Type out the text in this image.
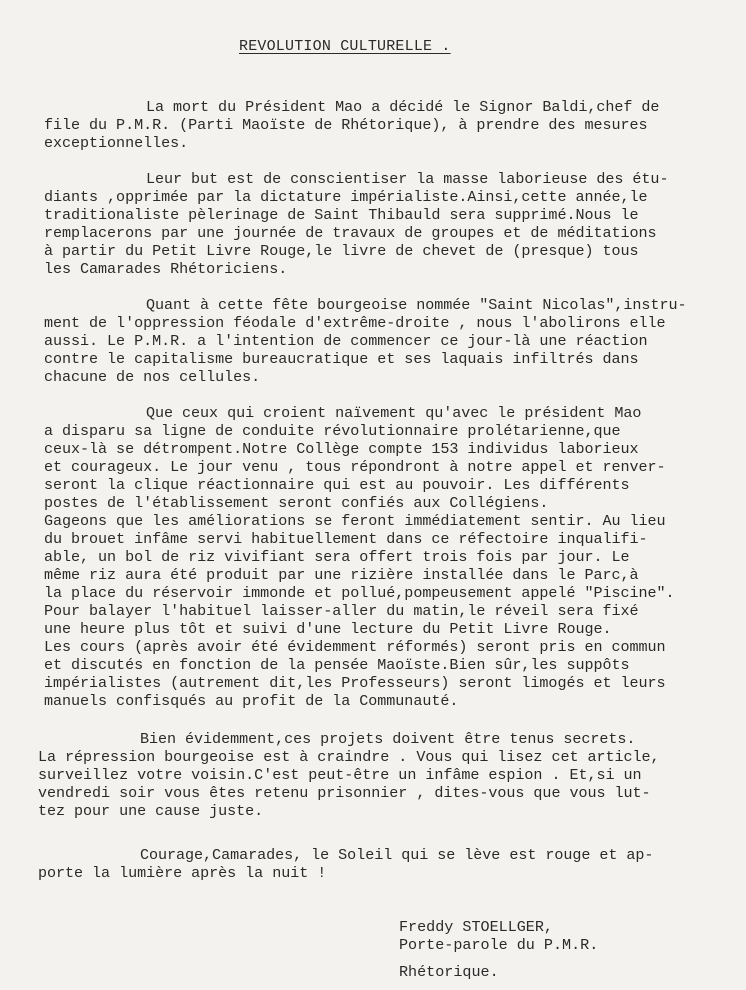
REVOLUTION CULTURELLE .
La mort du Président Mao a décidé le Signor Baldi,chef de
file du P.M.R. (Parti Maoïste de Rhétorique), à prendre des mesures
exceptionnelles.
Leur but est de conscientiser la masse laborieuse des étu-
diants ,opprimée par la dictature impérialiste.Ainsi,cette année,le
traditionaliste pèlerinage de Saint Thibauld sera supprimé.Nous le
remplacerons par une journée de travaux de groupes et de méditations
à partir du Petit Livre Rouge,le livre de chevet de (presque) tous
les Camarades Rhétoriciens.
Quant à cette fête bourgeoise nommée "Saint Nicolas",instru-
ment de l'oppression féodale d'extrême-droite , nous l'abolirons elle
aussi. Le P.M.R. a l'intention de commencer ce jour-là une réaction
contre le capitalisme bureaucratique et ses laquais infiltrés dans
chacune de nos cellules.
Que ceux qui croient naïvement qu'avec le président Mao
a disparu sa ligne de conduite révolutionnaire prolétarienne,que
ceux-là se détrompent.Notre Collège compte 153 individus laborieux
et courageux. Le jour venu , tous répondront à notre appel et renver-
seront la clique réactionnaire qui est au pouvoir. Les différents
postes de l'établissement seront confiés aux Collégiens.
Gageons que les améliorations se feront immédiatement sentir. Au lieu
du brouet infâme servi habituellement dans ce réfectoire inqualifi-
able, un bol de riz vivifiant sera offert trois fois par jour. Le
même riz aura été produit par une rizière installée dans le Parc,à
la place du réservoir immonde et pollué,pompeusement appelé "Piscine".
Pour balayer l'habituel laisser-aller du matin,le réveil sera fixé
une heure plus tôt et suivi d'une lecture du Petit Livre Rouge.
Les cours (après avoir été évidemment réformés) seront pris en commun
et discutés en fonction de la pensée Maoïste.Bien sûr,les suppôts
impérialistes (autrement dit,les Professeurs) seront limogés et leurs
manuels confisqués au profit de la Communauté.
Bien évidemment,ces projets doivent être tenus secrets.
La répression bourgeoise est à craindre . Vous qui lisez cet article,
surveillez votre voisin.C'est peut-être un infâme espion . Et,si un
vendredi soir vous êtes retenu prisonnier , dites-vous que vous lut-
tez pour une cause juste.
Courage,Camarades, le Soleil qui se lève est rouge et ap-
porte la lumière après la nuit !
Freddy STOELLGER,
Porte-parole du P.M.R.
Rhétorique.
